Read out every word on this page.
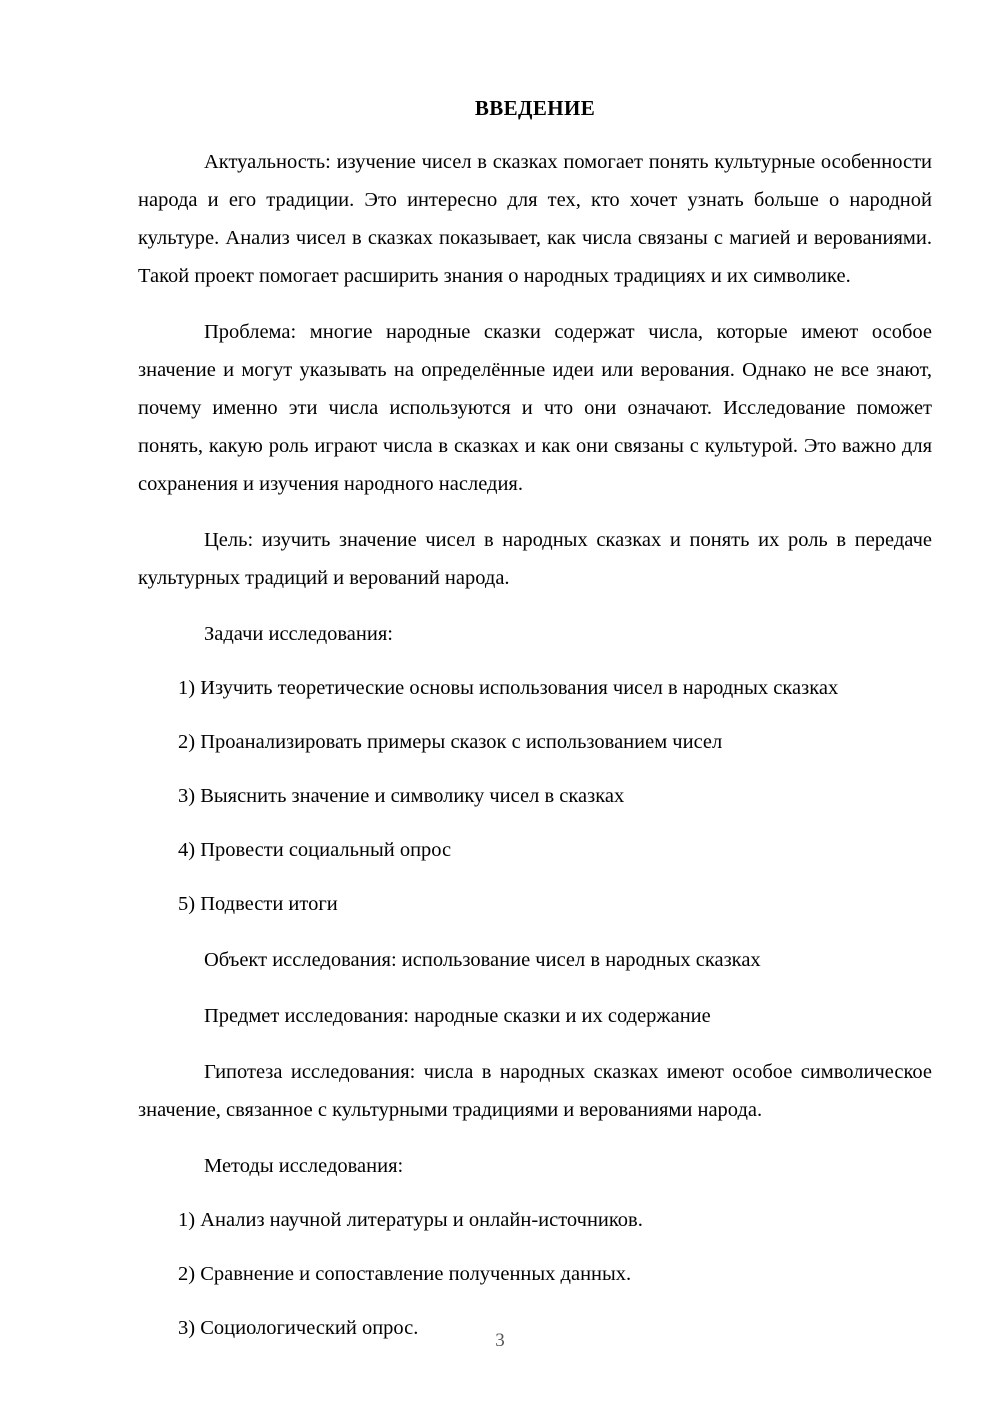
ВВЕДЕНИЕ

Актуальность: изучение чисел в сказках помогает понять культурные особенности народа и его традиции. Это интересно для тех, кто хочет узнать больше о народной культуре. Анализ чисел в сказках показывает, как числа связаны с магией и верованиями. Такой проект помогает расширить знания о народных традициях и их символике.

Проблема: многие народные сказки содержат числа, которые имеют особое значение и могут указывать на определённые идеи или верования. Однако не все знают, почему именно эти числа используются и что они означают. Исследование поможет понять, какую роль играют числа в сказках и как они связаны с культурой. Это важно для сохранения и изучения народного наследия.

Цель: изучить значение чисел в народных сказках и понять их роль в передаче культурных традиций и верований народа.

Задачи исследования:

1) Изучить теоретические основы использования чисел в народных сказках

2) Проанализировать примеры сказок с использованием чисел

3) Выяснить значение и символику чисел в сказках

4) Провести социальный опрос

5) Подвести итоги

Объект исследования: использование чисел в народных сказках

Предмет исследования: народные сказки и их содержание

Гипотеза исследования: числа в народных сказках имеют особое символическое значение, связанное с культурными традициями и верованиями народа.

Методы исследования:

1) Анализ научной литературы и онлайн-источников.

2) Сравнение и сопоставление полученных данных.

3) Социологический опрос.

3
